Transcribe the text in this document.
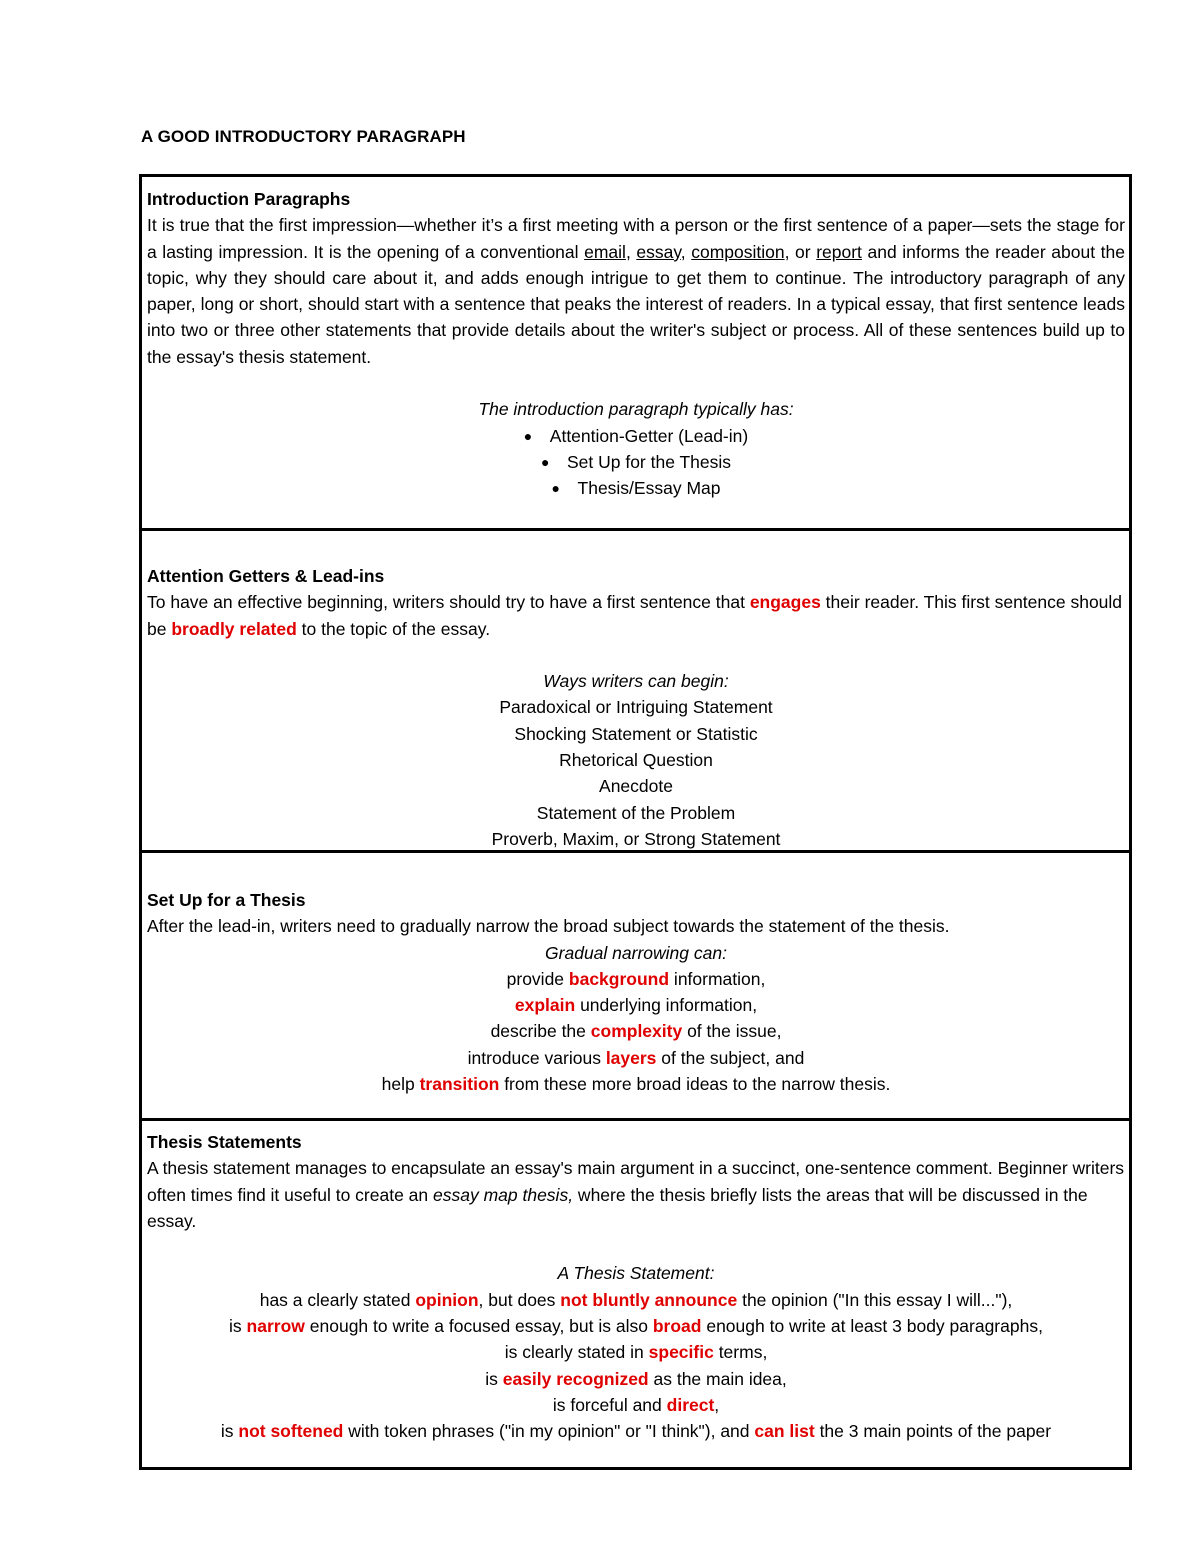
A GOOD INTRODUCTORY PARAGRAPH
Introduction Paragraphs
It is true that the first impression—whether it’s a first meeting with a person or the first sentence of a paper—sets the stage for a lasting impression. It is the opening of a conventional email, essay, composition, or report and informs the reader about the topic, why they should care about it, and adds enough intrigue to get them to continue. The introductory paragraph of any paper, long or short, should start with a sentence that peaks the interest of readers. In a typical essay, that first sentence leads into two or three other statements that provide details about the writer's subject or process. All of these sentences build up to the essay's thesis statement.
The introduction paragraph typically has:
● Attention-Getter (Lead-in)
● Set Up for the Thesis
● Thesis/Essay Map
Attention Getters & Lead-ins
To have an effective beginning, writers should try to have a first sentence that engages their reader. This first sentence should be broadly related to the topic of the essay.
Ways writers can begin:
Paradoxical or Intriguing Statement
Shocking Statement or Statistic
Rhetorical Question
Anecdote
Statement of the Problem
Proverb, Maxim, or Strong Statement
Set Up for a Thesis
After the lead-in, writers need to gradually narrow the broad subject towards the statement of the thesis.
Gradual narrowing can:
provide background information,
explain underlying information,
describe the complexity of the issue,
introduce various layers of the subject, and
help transition from these more broad ideas to the narrow thesis.
Thesis Statements
A thesis statement manages to encapsulate an essay's main argument in a succinct, one-sentence comment. Beginner writers often times find it useful to create an essay map thesis, where the thesis briefly lists the areas that will be discussed in the essay.
A Thesis Statement:
has a clearly stated opinion, but does not bluntly announce the opinion ("In this essay I will..."),
is narrow enough to write a focused essay, but is also broad enough to write at least 3 body paragraphs,
is clearly stated in specific terms,
is easily recognized as the main idea,
is forceful and direct,
is not softened with token phrases ("in my opinion" or "I think"), and can list the 3 main points of the paper
